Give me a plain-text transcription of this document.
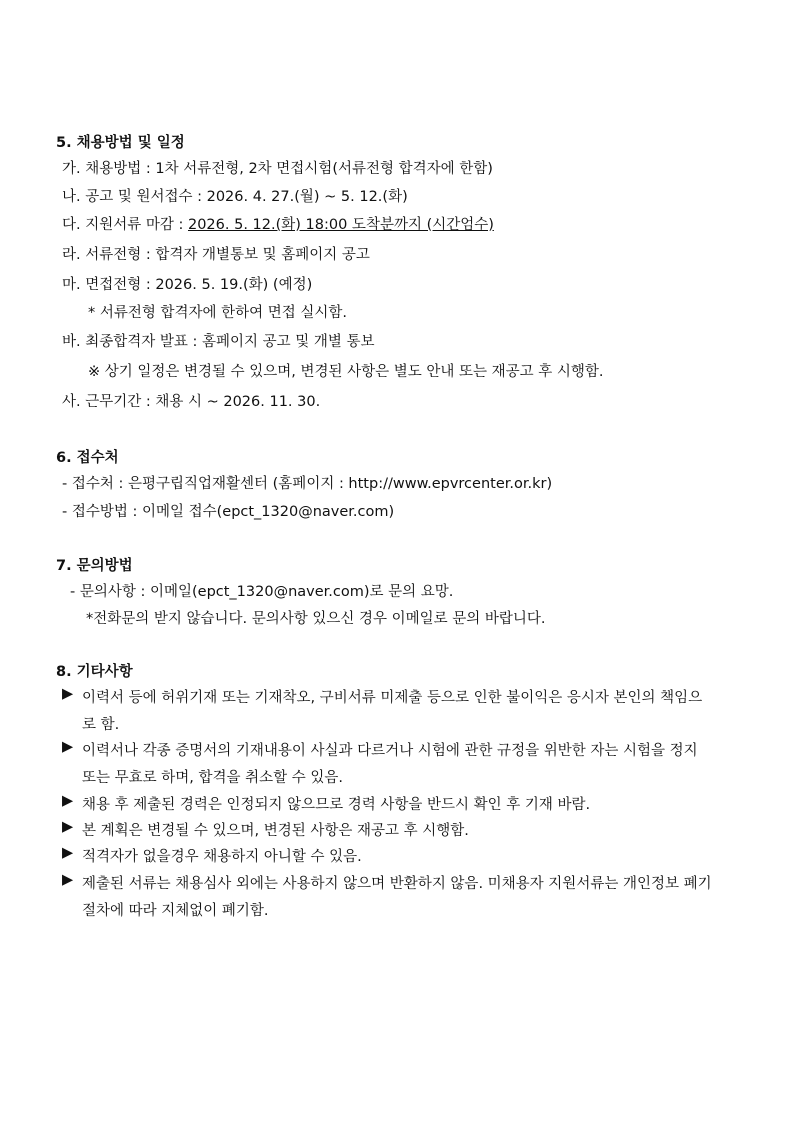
5. 채용방법 및 일정
가. 채용방법 : 1차 서류전형, 2차 면접시험(서류전형 합격자에 한함)
나. 공고 및 원서접수 : 2026. 4. 27.(월) ~ 5. 12.(화)
다. 지원서류 마감 : 2026. 5. 12.(화) 18:00 도착분까지 (시간엄수)
라. 서류전형 : 합격자 개별통보 및 홈페이지 공고
마. 면접전형 : 2026. 5. 19.(화) (예정)
* 서류전형 합격자에 한하여 면접 실시함.
바. 최종합격자 발표 : 홈페이지 공고 및 개별 통보
※ 상기 일정은 변경될 수 있으며, 변경된 사항은 별도 안내 또는 재공고 후 시행함.
사. 근무기간 : 채용 시 ~ 2026. 11. 30.
6. 접수처
- 접수처 : 은평구립직업재활센터 (홈페이지 : http://www.epvrcenter.or.kr)
- 접수방법 : 이메일 접수(epct_1320@naver.com)
7. 문의방법
- 문의사항 : 이메일(epct_1320@naver.com)로 문의 요망.
*전화문의 받지 않습니다. 문의사항 있으신 경우 이메일로 문의 바랍니다.
8. 기타사항
▶ 이력서 등에 허위기재 또는 기재착오, 구비서류 미제출 등으로 인한 불이익은 응시자 본인의 책임으
로 함.
▶ 이력서나 각종 증명서의 기재내용이 사실과 다르거나 시험에 관한 규정을 위반한 자는 시험을 정지
또는 무효로 하며, 합격을 취소할 수 있음.
▶ 채용 후 제출된 경력은 인정되지 않으므로 경력 사항을 반드시 확인 후 기재 바람.
▶ 본 계획은 변경될 수 있으며, 변경된 사항은 재공고 후 시행함.
▶ 적격자가 없을경우 채용하지 아니할 수 있음.
▶ 제출된 서류는 채용심사 외에는 사용하지 않으며 반환하지 않음. 미채용자 지원서류는 개인정보 폐기
절차에 따라 지체없이 폐기함.
